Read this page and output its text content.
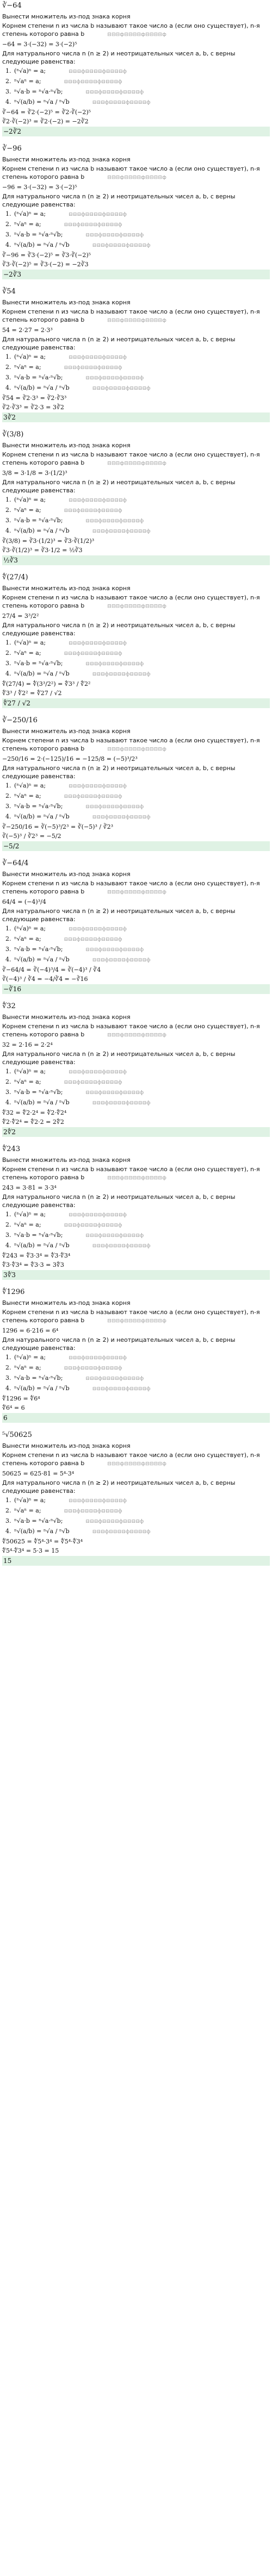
∛−64
Вынести множитель из-под знака корня
Корнем степени n из числа b называют такое число a (если оно существует), n-я степень которого равна b	⊟⊟⊟ф⊟⊟⊟⊟ф⊟⊟⊟⊟ф
−64 = 3·(−32) = 3·(−2)⁵
Для натурального числа n (n ≥ 2) и неотрицательных чисел a, b, c верны следующие равенства:
1. (ⁿ√a)ⁿ = a;	⊟⊟⊟ф⊟⊟⊟⊟ф⊟⊟⊟⊟ф
2. ⁿ√aⁿ = a;	⊟⊟⊟ф⊟⊟⊟⊟ф⊟⊟⊟⊟ф
3. ⁿ√a·b = ⁿ√a·ⁿ√b;	⊟⊟⊟ф⊟⊟⊟⊟ф⊟⊟⊟⊟ф
4. ⁿ√(a/b) = ⁿ√a / ⁿ√b	⊟⊟⊟ф⊟⊟⊟⊟ф⊟⊟⊟⊟ф
∛−64 = ∛2·(−2)⁵ = ∛2·∛(−2)⁵
∛2·∛(−2)³ = ∛2·(−2) = −2∛2
−2∛2
∛−96
Вынести множитель из-под знака корня
Корнем степени n из числа b называют такое число a (если оно существует), n-я степень которого равна b	⊟⊟⊟ф⊟⊟⊟⊟ф⊟⊟⊟⊟ф
−96 = 3·(−32) = 3·(−2)⁵
Для натурального числа n (n ≥ 2) и неотрицательных чисел a, b, c верны следующие равенства:
1. (ⁿ√a)ⁿ = a;	⊟⊟⊟ф⊟⊟⊟⊟ф⊟⊟⊟⊟ф
2. ⁿ√aⁿ = a;	⊟⊟⊟ф⊟⊟⊟⊟ф⊟⊟⊟⊟ф
3. ⁿ√a·b = ⁿ√a·ⁿ√b;	⊟⊟⊟ф⊟⊟⊟⊟ф⊟⊟⊟⊟ф
4. ⁿ√(a/b) = ⁿ√a / ⁿ√b	⊟⊟⊟ф⊟⊟⊟⊟ф⊟⊟⊟⊟ф
∛−96 = ∛3·(−2)⁵ = ∛3·∛(−2)⁵
∛3·∛(−2)⁵ = ∛3·(−2) = −2∛3
−2∛3
∛54
Вынести множитель из-под знака корня
Корнем степени n из числа b называют такое число a (если оно существует), n-я степень которого равна b	⊟⊟⊟ф⊟⊟⊟⊟ф⊟⊟⊟⊟ф
54 = 2·27 = 2·3³
Для натурального числа n (n ≥ 2) и неотрицательных чисел a, b, c верны следующие равенства:
1. (ⁿ√a)ⁿ = a;	⊟⊟⊟ф⊟⊟⊟⊟ф⊟⊟⊟⊟ф
2. ⁿ√aⁿ = a;	⊟⊟⊟ф⊟⊟⊟⊟ф⊟⊟⊟⊟ф
3. ⁿ√a·b = ⁿ√a·ⁿ√b;	⊟⊟⊟ф⊟⊟⊟⊟ф⊟⊟⊟⊟ф
4. ⁿ√(a/b) = ⁿ√a / ⁿ√b	⊟⊟⊟ф⊟⊟⊟⊟ф⊟⊟⊟⊟ф
∛54 = ∛2·3³ = ∛2·∛3³
∛2·∛3³ = ∛2·3 = 3∛2
3∛2
∛(3/8)
Вынести множитель из-под знака корня
Корнем степени n из числа b называют такое число a (если оно существует), n-я степень которого равна b	⊟⊟⊟ф⊟⊟⊟⊟ф⊟⊟⊟⊟ф
3/8 = 3·1/8 = 3·(1/2)³
Для натурального числа n (n ≥ 2) и неотрицательных чисел a, b, c верны следующие равенства:
1. (ⁿ√a)ⁿ = a;	⊟⊟⊟ф⊟⊟⊟⊟ф⊟⊟⊟⊟ф
2. ⁿ√aⁿ = a;	⊟⊟⊟ф⊟⊟⊟⊟ф⊟⊟⊟⊟ф
3. ⁿ√a·b = ⁿ√a·ⁿ√b;	⊟⊟⊟ф⊟⊟⊟⊟ф⊟⊟⊟⊟ф
4. ⁿ√(a/b) = ⁿ√a / ⁿ√b	⊟⊟⊟ф⊟⊟⊟⊟ф⊟⊟⊟⊟ф
∛(3/8) = ∛3·(1/2)³ = ∛3·∛(1/2)³
∛3·∛(1/2)³ = ∛3·1/2 = ½∛3
½∛3
∜(27/4)
Вынести множитель из-под знака корня
Корнем степени n из числа b называют такое число a (если оно существует), n-я степень которого равна b	⊟⊟⊟ф⊟⊟⊟⊟ф⊟⊟⊟⊟ф
27/4 = 3³/2²
Для натурального числа n (n ≥ 2) и неотрицательных чисел a, b, c верны следующие равенства:
1. (ⁿ√a)ⁿ = a;	⊟⊟⊟ф⊟⊟⊟⊟ф⊟⊟⊟⊟ф
2. ⁿ√aⁿ = a;	⊟⊟⊟ф⊟⊟⊟⊟ф⊟⊟⊟⊟ф
3. ⁿ√a·b = ⁿ√a·ⁿ√b;	⊟⊟⊟ф⊟⊟⊟⊟ф⊟⊟⊟⊟ф
4. ⁿ√(a/b) = ⁿ√a / ⁿ√b	⊟⊟⊟ф⊟⊟⊟⊟ф⊟⊟⊟⊟ф
∜(27/4) = ∜(3³/2²) = ∜3³ / ∜2²
∜3³ / ∜2² = ∜27 / √2
∜27 / √2
∛−250/16
Вынести множитель из-под знака корня
Корнем степени n из числа b называют такое число a (если оно существует), n-я степень которого равна b	⊟⊟⊟ф⊟⊟⊟⊟ф⊟⊟⊟⊟ф
−250/16 = 2·(−125)/16 = −125/8 = (−5)³/2³
Для натурального числа n (n ≥ 2) и неотрицательных чисел a, b, c верны следующие равенства:
1. (ⁿ√a)ⁿ = a;	⊟⊟⊟ф⊟⊟⊟⊟ф⊟⊟⊟⊟ф
2. ⁿ√aⁿ = a;	⊟⊟⊟ф⊟⊟⊟⊟ф⊟⊟⊟⊟ф
3. ⁿ√a·b = ⁿ√a·ⁿ√b;	⊟⊟⊟ф⊟⊟⊟⊟ф⊟⊟⊟⊟ф
4. ⁿ√(a/b) = ⁿ√a / ⁿ√b	⊟⊟⊟ф⊟⊟⊟⊟ф⊟⊟⊟⊟ф
∛−250/16 = ∛(−5)³/2³ = ∛(−5)³ / ∛2³
∛(−5)³ / ∛2³ = −5/2
−5/2
∛−64/4
Вынести множитель из-под знака корня
Корнем степени n из числа b называют такое число a (если оно существует), n-я степень которого равна b	⊟⊟⊟ф⊟⊟⊟⊟ф⊟⊟⊟⊟ф
64/4 = (−4)³/4
Для натурального числа n (n ≥ 2) и неотрицательных чисел a, b, c верны следующие равенства:
1. (ⁿ√a)ⁿ = a;	⊟⊟⊟ф⊟⊟⊟⊟ф⊟⊟⊟⊟ф
2. ⁿ√aⁿ = a;	⊟⊟⊟ф⊟⊟⊟⊟ф⊟⊟⊟⊟ф
3. ⁿ√a·b = ⁿ√a·ⁿ√b;	⊟⊟⊟ф⊟⊟⊟⊟ф⊟⊟⊟⊟ф
4. ⁿ√(a/b) = ⁿ√a / ⁿ√b	⊟⊟⊟ф⊟⊟⊟⊟ф⊟⊟⊟⊟ф
∛−64/4 = ∛(−4)³/4 = ∛(−4)³ / ∛4
∛(−4)³ / ∛4 = −4/∛4 = −∛16
−∛16
∜32
Вынести множитель из-под знака корня
Корнем степени n из числа b называют такое число a (если оно существует), n-я степень которого равна b	⊟⊟⊟ф⊟⊟⊟⊟ф⊟⊟⊟⊟ф
32 = 2·16 = 2·2⁴
Для натурального числа n (n ≥ 2) и неотрицательных чисел a, b, c верны следующие равенства:
1. (ⁿ√a)ⁿ = a;	⊟⊟⊟ф⊟⊟⊟⊟ф⊟⊟⊟⊟ф
2. ⁿ√aⁿ = a;	⊟⊟⊟ф⊟⊟⊟⊟ф⊟⊟⊟⊟ф
3. ⁿ√a·b = ⁿ√a·ⁿ√b;	⊟⊟⊟ф⊟⊟⊟⊟ф⊟⊟⊟⊟ф
4. ⁿ√(a/b) = ⁿ√a / ⁿ√b	⊟⊟⊟ф⊟⊟⊟⊟ф⊟⊟⊟⊟ф
∜32 = ∜2·2⁴ = ∜2·∜2⁴
∜2·∜2⁴ = ∜2·2 = 2∜2
2∜2
∜243
Вынести множитель из-под знака корня
Корнем степени n из числа b называют такое число a (если оно существует), n-я степень которого равна b	⊟⊟⊟ф⊟⊟⊟⊟ф⊟⊟⊟⊟ф
243 = 3·81 = 3·3⁴
Для натурального числа n (n ≥ 2) и неотрицательных чисел a, b, c верны следующие равенства:
1. (ⁿ√a)ⁿ = a;	⊟⊟⊟ф⊟⊟⊟⊟ф⊟⊟⊟⊟ф
2. ⁿ√aⁿ = a;	⊟⊟⊟ф⊟⊟⊟⊟ф⊟⊟⊟⊟ф
3. ⁿ√a·b = ⁿ√a·ⁿ√b;	⊟⊟⊟ф⊟⊟⊟⊟ф⊟⊟⊟⊟ф
4. ⁿ√(a/b) = ⁿ√a / ⁿ√b	⊟⊟⊟ф⊟⊟⊟⊟ф⊟⊟⊟⊟ф
∜243 = ∜3·3⁴ = ∜3·∜3⁴
∜3·∜3⁴ = ∜3·3 = 3∜3
3∜3
∜1296
Вынести множитель из-под знака корня
Корнем степени n из числа b называют такое число a (если оно существует), n-я степень которого равна b	⊟⊟⊟ф⊟⊟⊟⊟ф⊟⊟⊟⊟ф
1296 = 6·216 = 6⁴
Для натурального числа n (n ≥ 2) и неотрицательных чисел a, b, c верны следующие равенства:
1. (ⁿ√a)ⁿ = a;	⊟⊟⊟ф⊟⊟⊟⊟ф⊟⊟⊟⊟ф
2. ⁿ√aⁿ = a;	⊟⊟⊟ф⊟⊟⊟⊟ф⊟⊟⊟⊟ф
3. ⁿ√a·b = ⁿ√a·ⁿ√b;	⊟⊟⊟ф⊟⊟⊟⊟ф⊟⊟⊟⊟ф
4. ⁿ√(a/b) = ⁿ√a / ⁿ√b	⊟⊟⊟ф⊟⊟⊟⊟ф⊟⊟⊟⊟ф
∜1296 = ∜6⁴
∜6⁴ = 6
6
⁵√50625
Вынести множитель из-под знака корня
Корнем степени n из числа b называют такое число a (если оно существует), n-я степень которого равна b	⊟⊟⊟ф⊟⊟⊟⊟ф⊟⊟⊟⊟ф
50625 = 625·81 = 5⁴·3⁴
Для натурального числа n (n ≥ 2) и неотрицательных чисел a, b, c верны следующие равенства:
1. (ⁿ√a)ⁿ = a;	⊟⊟⊟ф⊟⊟⊟⊟ф⊟⊟⊟⊟ф
2. ⁿ√aⁿ = a;	⊟⊟⊟ф⊟⊟⊟⊟ф⊟⊟⊟⊟ф
3. ⁿ√a·b = ⁿ√a·ⁿ√b;	⊟⊟⊟ф⊟⊟⊟⊟ф⊟⊟⊟⊟ф
4. ⁿ√(a/b) = ⁿ√a / ⁿ√b	⊟⊟⊟ф⊟⊟⊟⊟ф⊟⊟⊟⊟ф
∜50625 = ∜5⁴·3⁴ = ∜5⁴·∜3⁴
∜5⁴·∜3⁴ = 5·3 = 15
15
